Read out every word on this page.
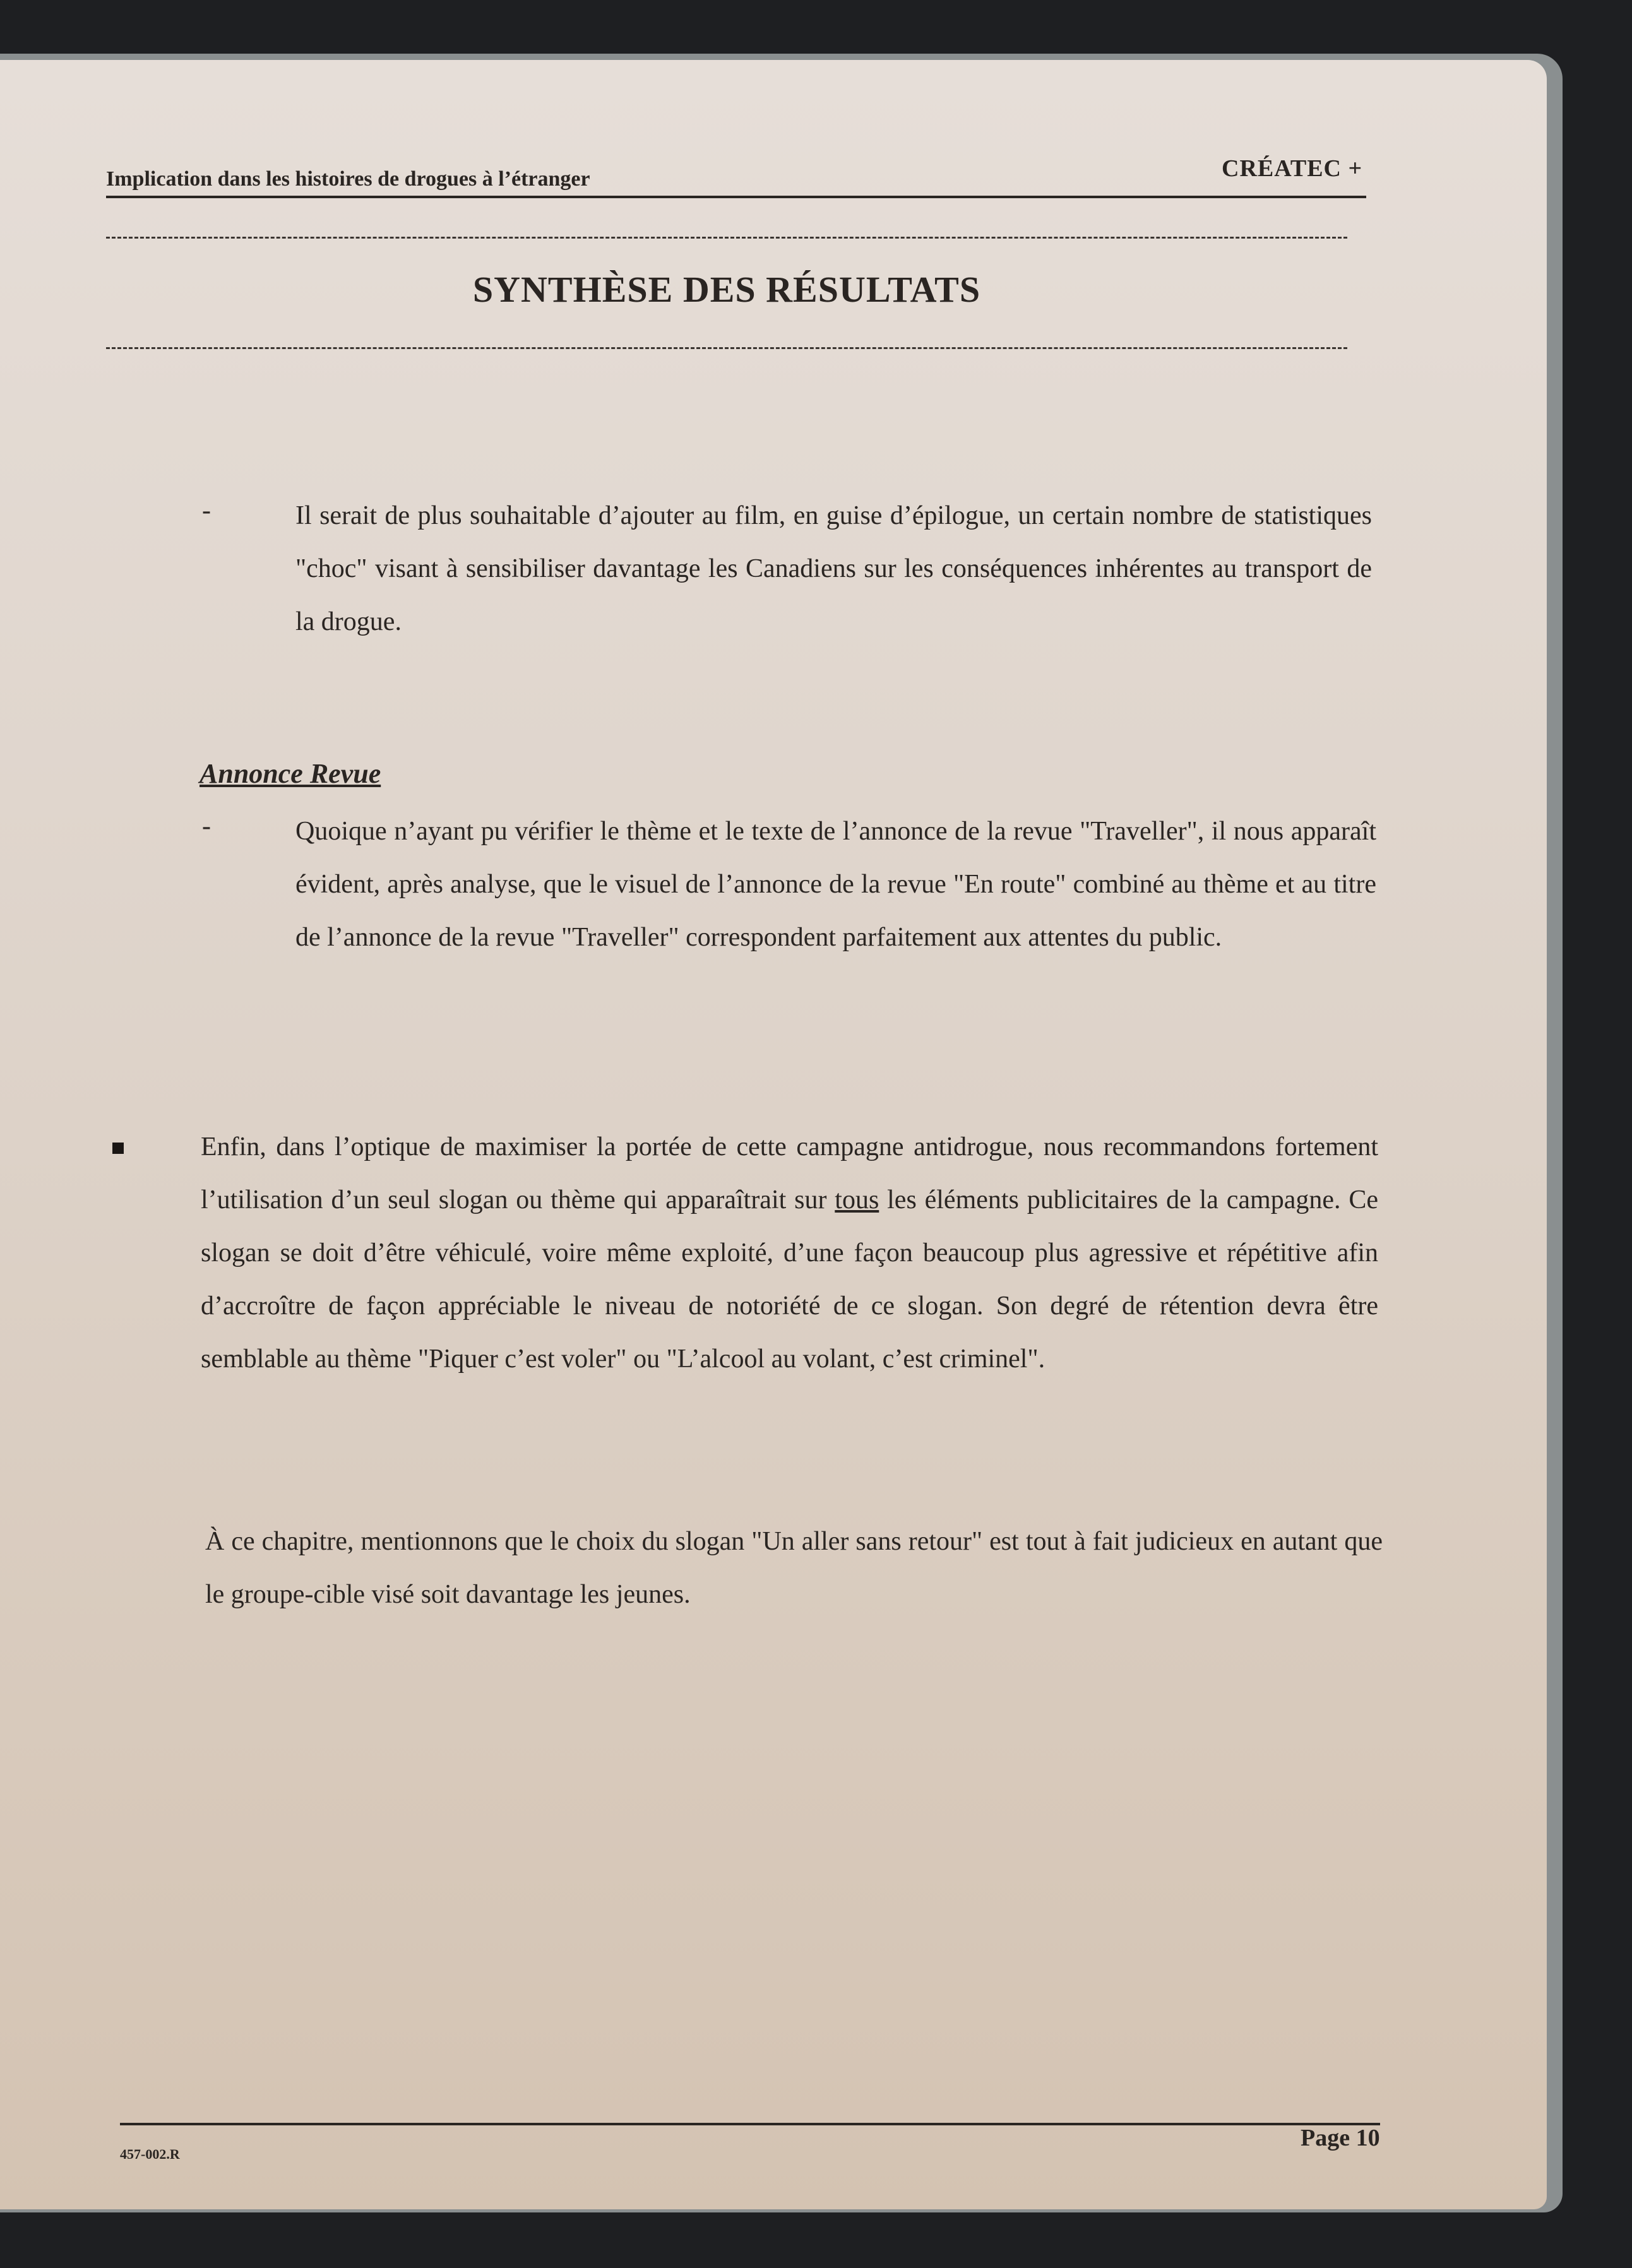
Implication dans les histoires de drogues à l’étranger	CRÉATEC +
SYNTHÈSE DES RÉSULTATS
-	Il serait de plus souhaitable d’ajouter au film, en guise d’épilogue, un certain nombre de statistiques "choc" visant à sensibiliser davantage les Canadiens sur les conséquences inhérentes au transport de la drogue.
Annonce Revue
-	Quoique n’ayant pu vérifier le thème et le texte de l’annonce de la revue "Traveller", il nous apparaît évident, après analyse, que le visuel de l’annonce de la revue "En route" combiné au thème et au titre de l’annonce de la revue "Traveller" correspondent parfaitement aux attentes du public.
Enfin, dans l’optique de maximiser la portée de cette campagne antidrogue, nous recommandons fortement l’utilisation d’un seul slogan ou thème qui apparaîtrait sur tous les éléments publicitaires de la campagne. Ce slogan se doit d’être véhiculé, voire même exploité, d’une façon beaucoup plus agressive et répétitive afin d’accroître de façon appréciable le niveau de notoriété de ce slogan. Son degré de rétention devra être semblable au thème "Piquer c’est voler" ou "L’alcool au volant, c’est criminel".
À ce chapitre, mentionnons que le choix du slogan "Un aller sans retour" est tout à fait judicieux en autant que le groupe-cible visé soit davantage les jeunes.
457-002.R
Page 10
